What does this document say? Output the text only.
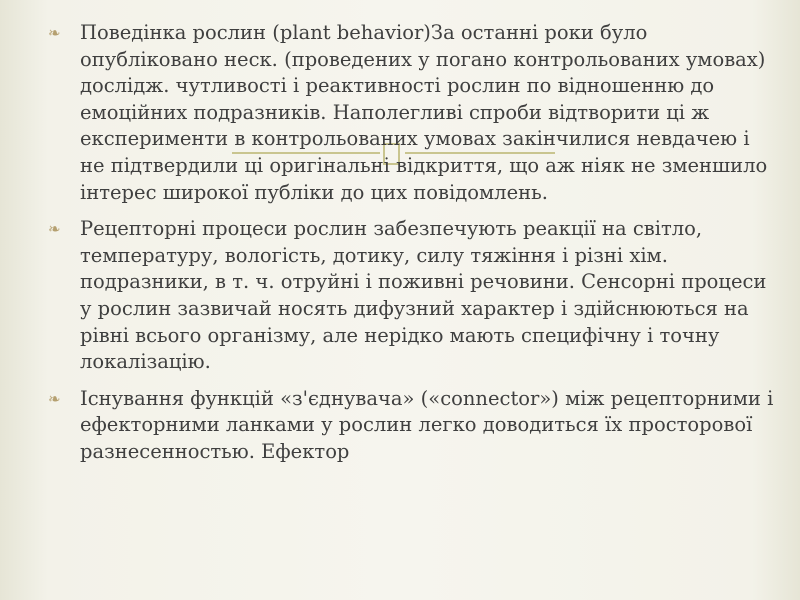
❧ Поведінка рослин (plant behavior)За останні роки було опубліковано неск. (проведених у погано контрольованих умовах) дослідж. чутливості і реактивності рослин по відношенню до емоційних подразників. Наполегливі спроби відтворити ці ж експерименти в контрольованих умовах закінчилися невдачею і не підтвердили ці оригінальні відкриття, що аж ніяк не зменшило інтерес широкої публіки до цих повідомлень.
❧ Рецепторні процеси рослин забезпечують реакції на світло, температуру, вологість, дотику, силу тяжіння і різні хім. подразники, в т. ч. отруйні і поживні речовини. Сенсорні процеси у рослин зазвичай носять дифузний характер і здійснюються на рівні всього організму, але нерідко мають специфічну і точну локалізацію.
❧ Існування функцій «з'єднувача» («connector») між рецепторними і ефекторними ланками у рослин легко доводиться їх просторової разнесенностью. Ефектор
